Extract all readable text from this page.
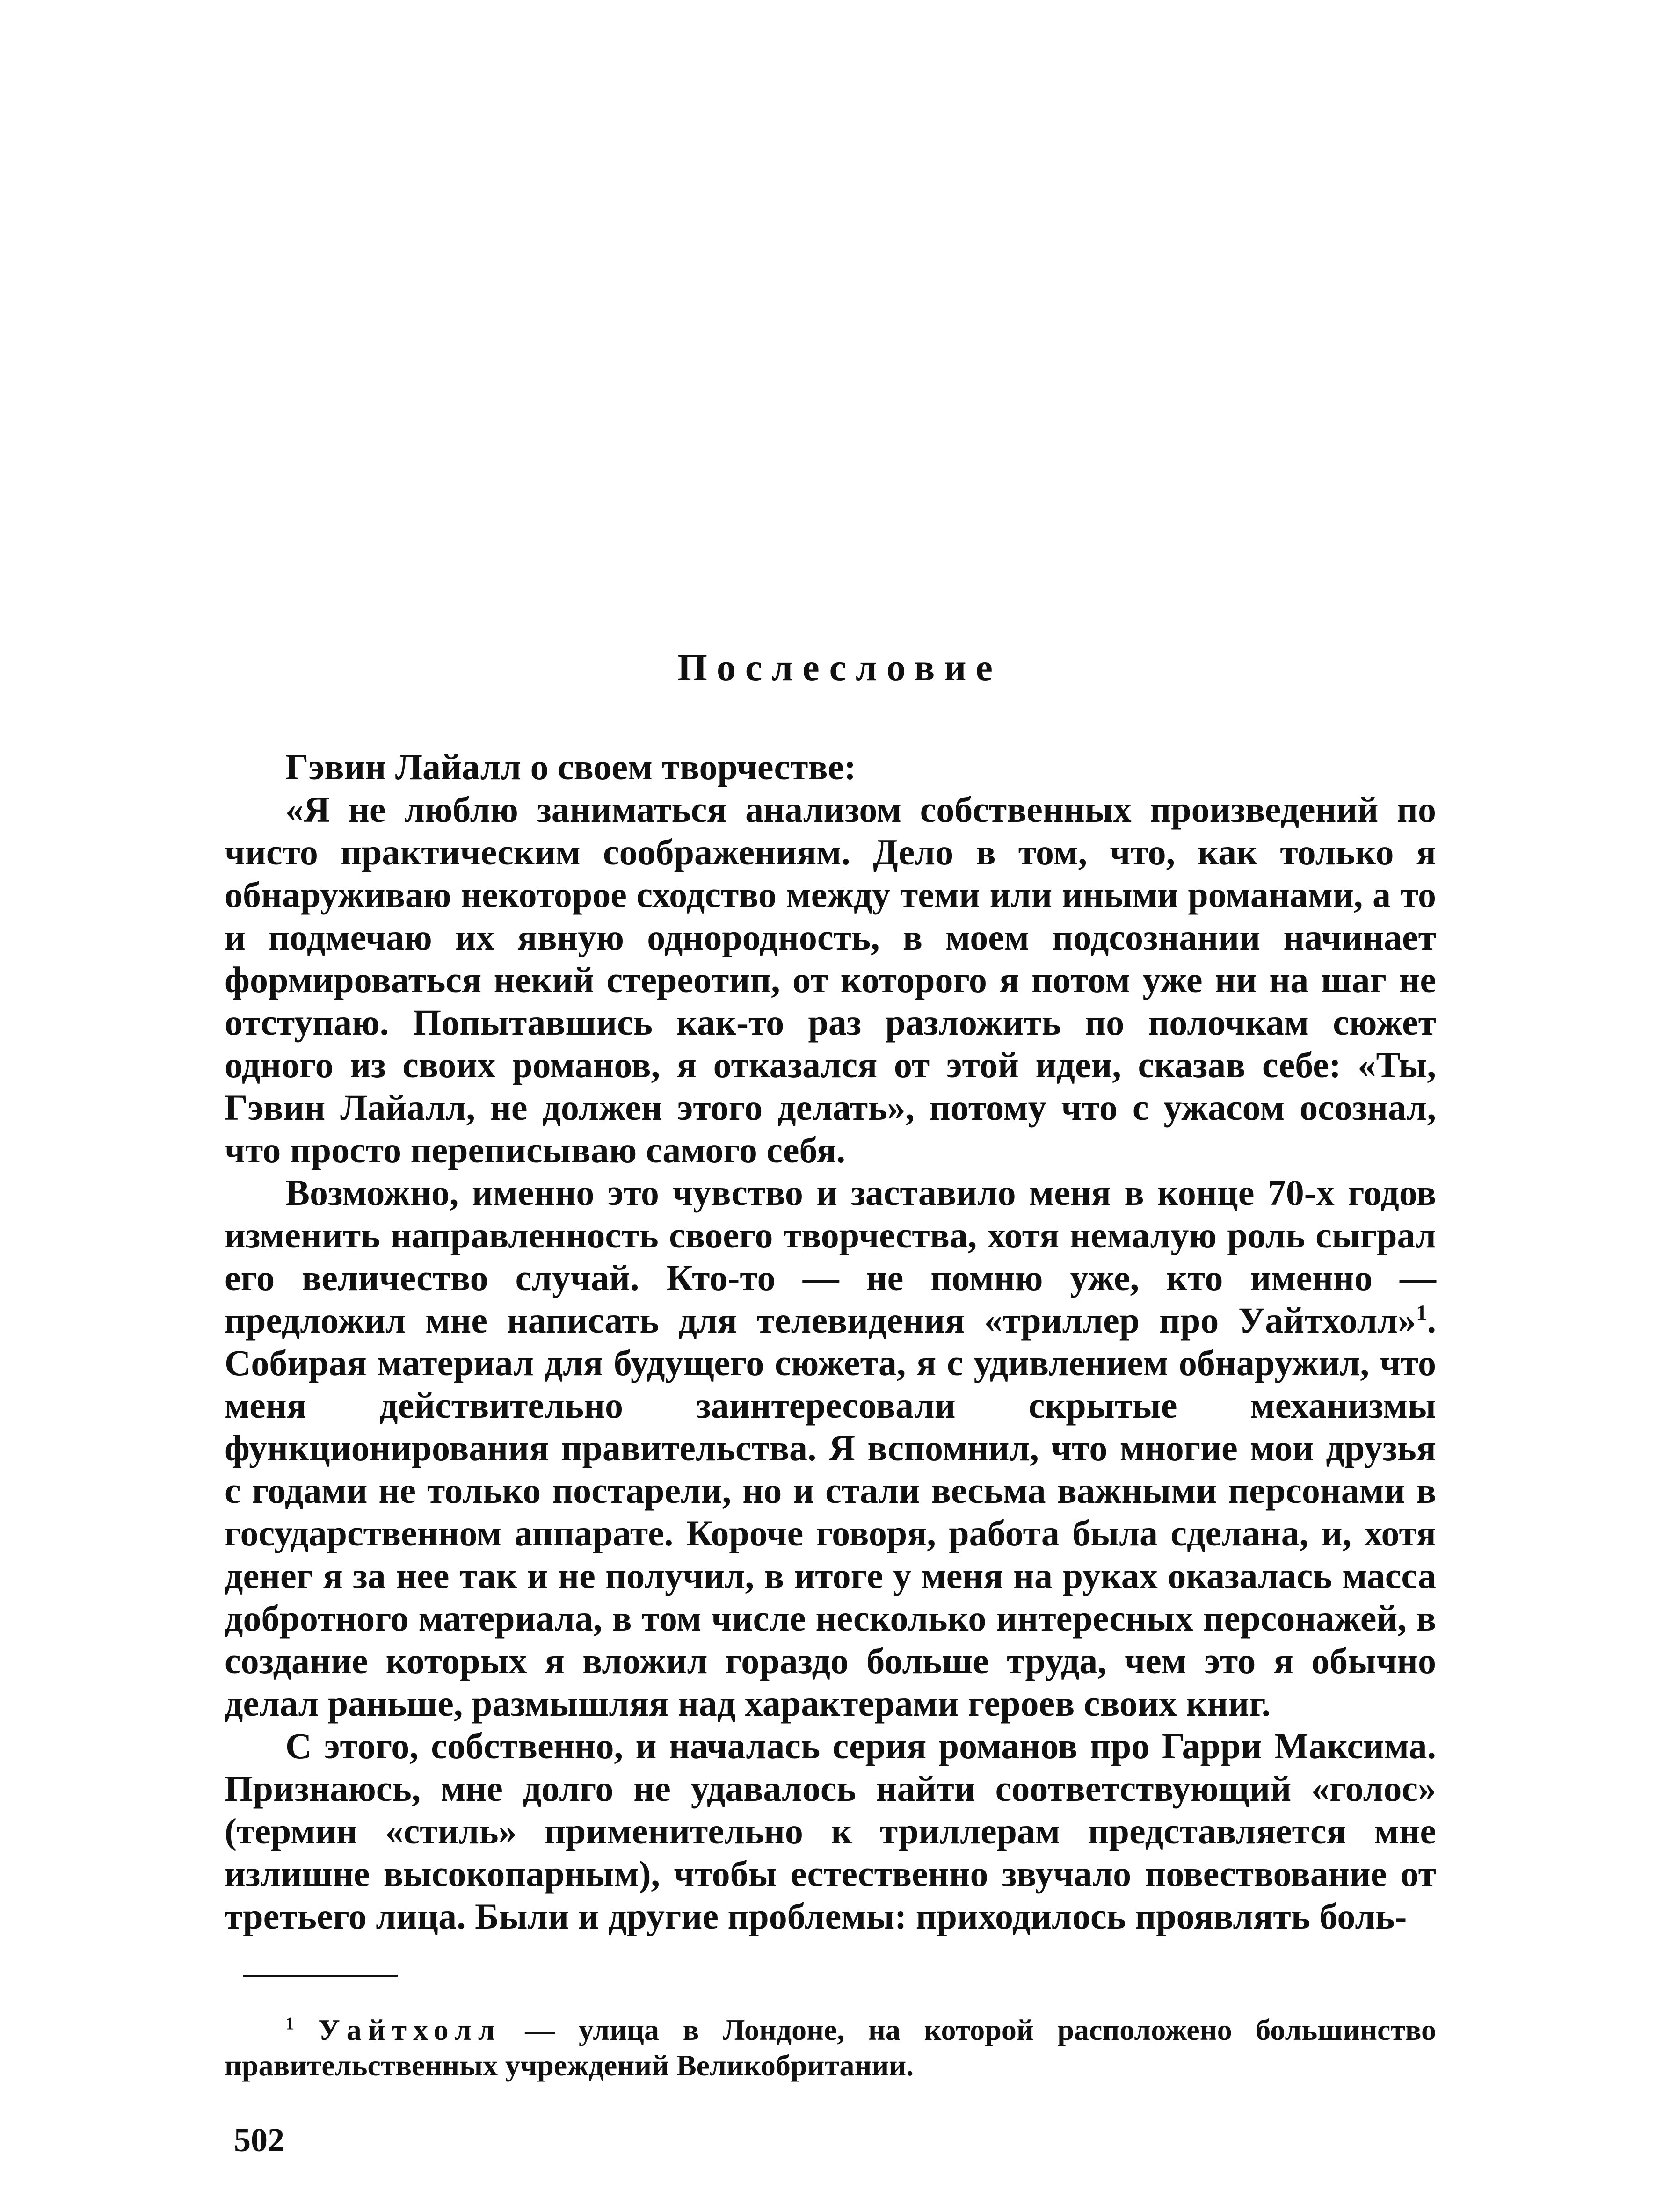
Послесловие

Гэвин Лайалл о своем творчестве:

«Я не люблю заниматься анализом собственных произведений по чисто практическим соображениям. Дело в том, что, как только я обнаруживаю некоторое сходство между теми или иными романами, а то и подмечаю их явную однородность, в моем подсознании начинает формироваться некий стереотип, от которого я потом уже ни на шаг не отступаю. Попытавшись как-то раз разложить по полочкам сюжет одного из своих романов, я отказался от этой идеи, сказав себе: «Ты, Гэвин Лайалл, не должен этого делать», потому что с ужасом осознал, что просто переписываю самого себя.

Возможно, именно это чувство и заставило меня в конце 70-х годов изменить направленность своего творчества, хотя немалую роль сыграл его величество случай. Кто-то — не помню уже, кто именно — предложил мне написать для телевидения «триллер про Уайтхолл»$^1$. Собирая материал для будущего сюжета, я с удивлением обнаружил, что меня действительно заинтересовали скрытые механизмы функционирования правительства. Я вспомнил, что многие мои друзья с годами не только постарели, но и стали весьма важными персонами в государственном аппарате. Короче говоря, работа была сделана, и, хотя денег я за нее так и не получил, в итоге у меня на руках оказалась масса добротного материала, в том числе несколько интересных персонажей, в создание которых я вложил гораздо больше труда, чем это я обычно делал раньше, размышляя над характерами героев своих книг.

С этого, собственно, и началась серия романов про Гарри Максима. Признаюсь, мне долго не удавалось найти соответствующий «голос» (термин «стиль» применительно к триллерам представляется мне излишне высокопарным), чтобы естественно звучало повествование от третьего лица. Были и другие проблемы: приходилось проявлять боль-

$^1$ Уайтхолл — улица в Лондоне, на которой расположено большинство правительственных учреждений Великобритании.

502
